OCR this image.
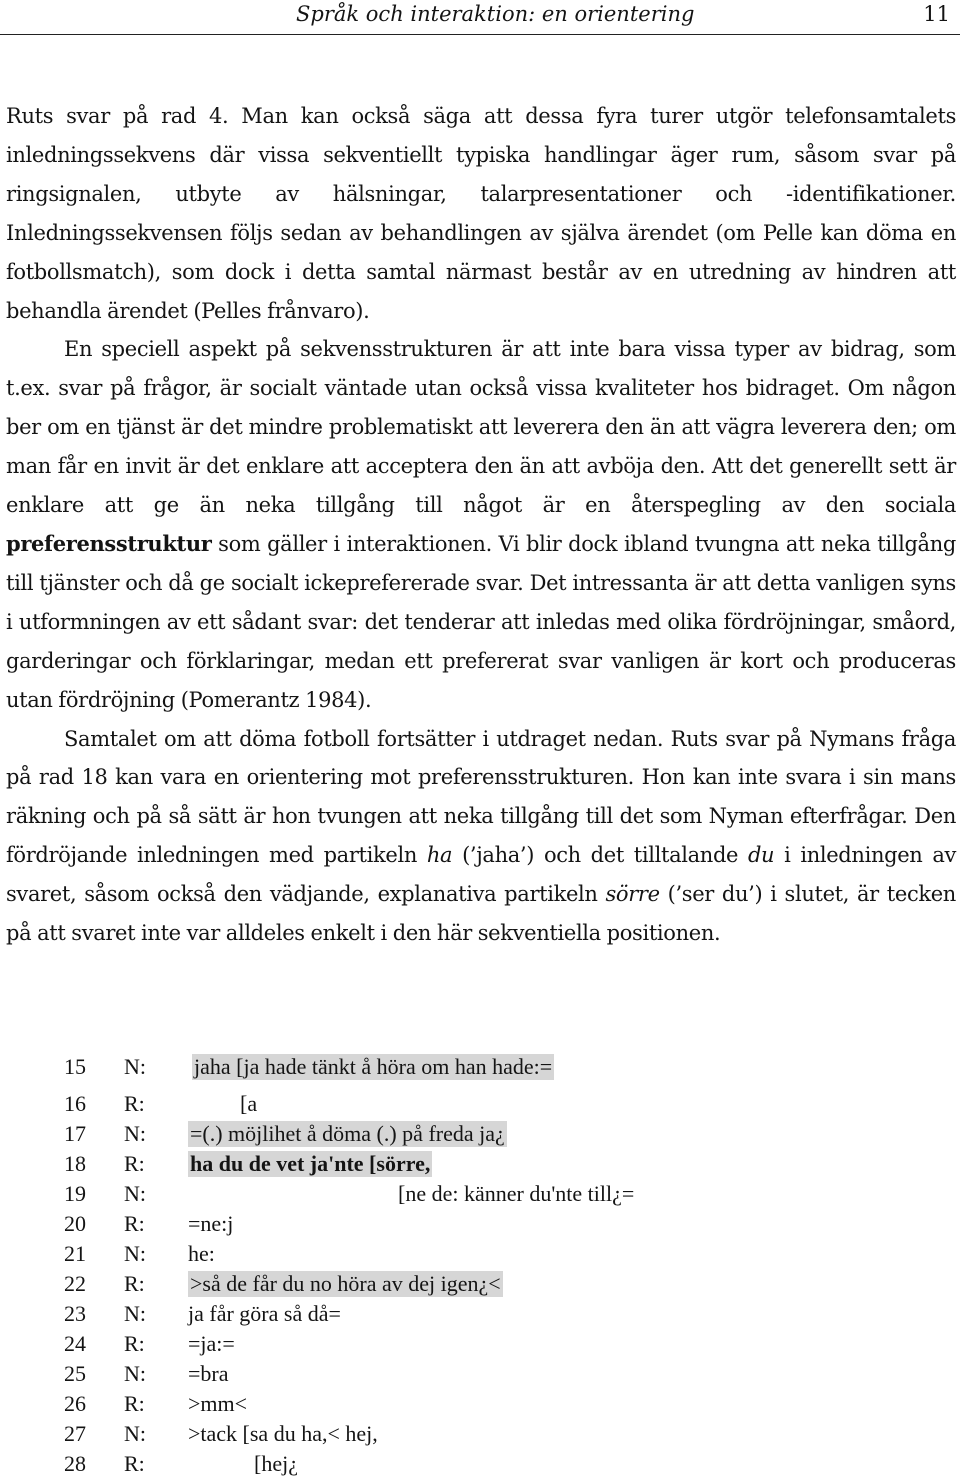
Språk och interaktion: en orientering	11

Ruts svar på rad 4. Man kan också säga att dessa fyra turer utgör telefonsamtalets inledningssekvens där vissa sekventiellt typiska handlingar äger rum, såsom svar på ringsignalen, utbyte av hälsningar, talarpresentationer och -identifikationer. Inledningssekvensen följs sedan av behandlingen av själva ärendet (om Pelle kan döma en fotbollsmatch), som dock i detta samtal närmast består av en utredning av hindren att behandla ärendet (Pelles frånvaro).

En speciell aspekt på sekvensstrukturen är att inte bara vissa typer av bidrag, som t.ex. svar på frågor, är socialt väntade utan också vissa kvaliteter hos bidraget. Om någon ber om en tjänst är det mindre problematiskt att leverera den än att vägra leverera den; om man får en invit är det enklare att acceptera den än att avböja den. Att det generellt sett är enklare att ge än neka tillgång till något är en återspegling av den sociala preferensstruktur som gäller i interaktionen. Vi blir dock ibland tvungna att neka tillgång till tjänster och då ge socialt ickeprefererade svar. Det intressanta är att detta vanligen syns i utformningen av ett sådant svar: det tenderar att inledas med olika fördröjningar, småord, garderingar och förklaringar, medan ett prefererat svar vanligen är kort och produceras utan fördröjning (Pomerantz 1984).

Samtalet om att döma fotboll fortsätter i utdraget nedan. Ruts svar på Nymans fråga på rad 18 kan vara en orientering mot preferensstrukturen. Hon kan inte svara i sin mans räkning och på så sätt är hon tvungen att neka tillgång till det som Nyman efterfrågar. Den fördröjande inledningen med partikeln ha (’jaha’) och det tilltalande du i inledningen av svaret, såsom också den vädjande, explanativa partikeln sörre (’ser du’) i slutet, är tecken på att svaret inte var alldeles enkelt i den här sekventiella positionen.

15	N: jaha [ja hade tänkt å höra om han hade:=
16	R:	[a
17	N: =(.) möjlihet å döma (.) på freda ja¿
18	R: ha du de vet ja'nte [sörre,
19	N:	[ne de: känner du'nte till¿=
20	R: =ne:j
21	N: he:
22	R: >så de får du no höra av dej igen¿<
23	N: ja får göra så då=
24	R: =ja:=
25	N: =bra
26	R: >mm<
27	N: >tack [sa du ha,< hej,
28	R:	[hej¿
